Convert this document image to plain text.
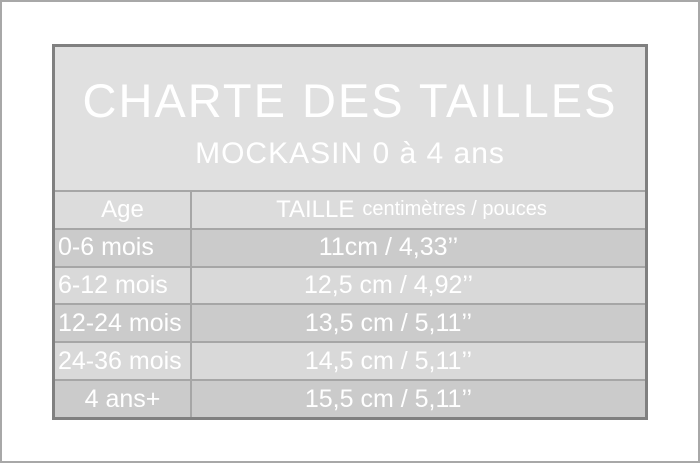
CHARTE DES TAILLES
MOCKASIN 0 à 4 ans
Age	TAILLE centimètres / pouces
0-6 mois	11cm / 4,33’’
6-12 mois	12,5 cm / 4,92’’
12-24 mois	13,5 cm / 5,11’’
24-36 mois	14,5 cm / 5,11’’
4 ans+	15,5 cm / 5,11’’
